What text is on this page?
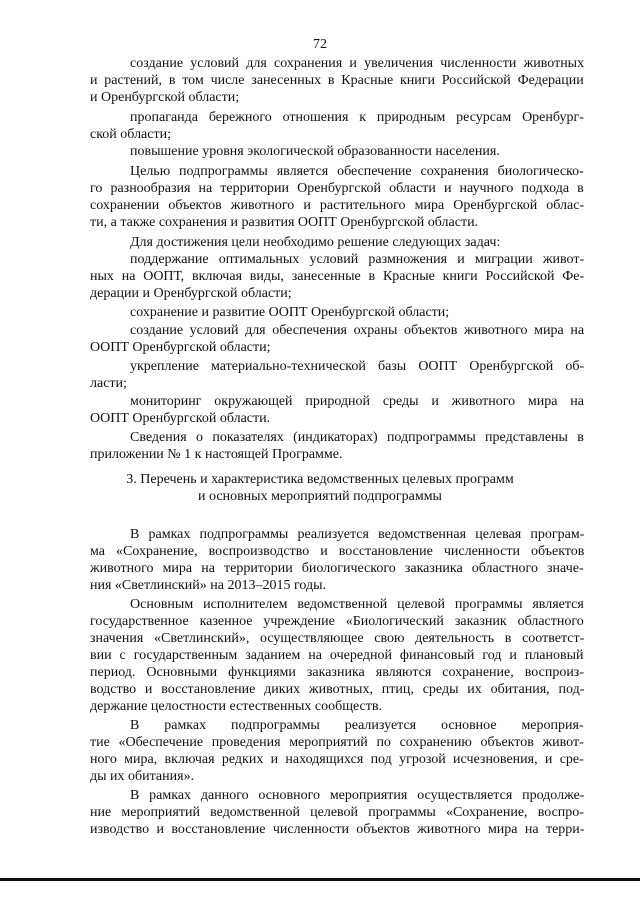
72
создание условий для сохранения и увеличения численности животных
и растений, в том числе занесенных в Красные книги Российской Федерации
и Оренбургской области;
пропаганда бережного отношения к природным ресурсам Оренбург-
ской области;
повышение уровня экологической образованности населения.
Целью подпрограммы является обеспечение сохранения биологическо-
го разнообразия на территории Оренбургской области и научного подхода в
сохранении объектов животного и растительного мира Оренбургской облас-
ти, а также сохранения и развития ООПТ Оренбургской области.
Для достижения цели необходимо решение следующих задач:
поддержание оптимальных условий размножения и миграции живот-
ных на ООПТ, включая виды, занесенные в Красные книги Российской Фе-
дерации и Оренбургской области;
сохранение и развитие ООПТ Оренбургской области;
создание условий для обеспечения охраны объектов животного мира на
ООПТ Оренбургской области;
укрепление материально-технической базы ООПТ Оренбургской об-
ласти;
мониторинг окружающей природной среды и животного мира на
ООПТ Оренбургской области.
Сведения о показателях (индикаторах) подпрограммы представлены в
приложении № 1 к настоящей Программе.
3. Перечень и характеристика ведомственных целевых программ
и основных мероприятий подпрограммы
В рамках подпрограммы реализуется ведомственная целевая програм-
ма «Сохранение, воспроизводство и восстановление численности объектов
животного мира на территории биологического заказника областного значе-
ния «Светлинский» на 2013–2015 годы.
Основным исполнителем ведомственной целевой программы является
государственное казенное учреждение «Биологический заказник областного
значения «Светлинский», осуществляющее свою деятельность в соответст-
вии с государственным заданием на очередной финансовый год и плановый
период. Основными функциями заказника являются сохранение, воспроиз-
водство и восстановление диких животных, птиц, среды их обитания, под-
держание целостности естественных сообществ.
В рамках подпрограммы реализуется основное мероприя-
тие «Обеспечение проведения мероприятий по сохранению объектов живот-
ного мира, включая редких и находящихся под угрозой исчезновения, и сре-
ды их обитания».
В рамках данного основного мероприятия осуществляется продолже-
ние мероприятий ведомственной целевой программы «Сохранение, воспро-
изводство и восстановление численности объектов животного мира на терри-
